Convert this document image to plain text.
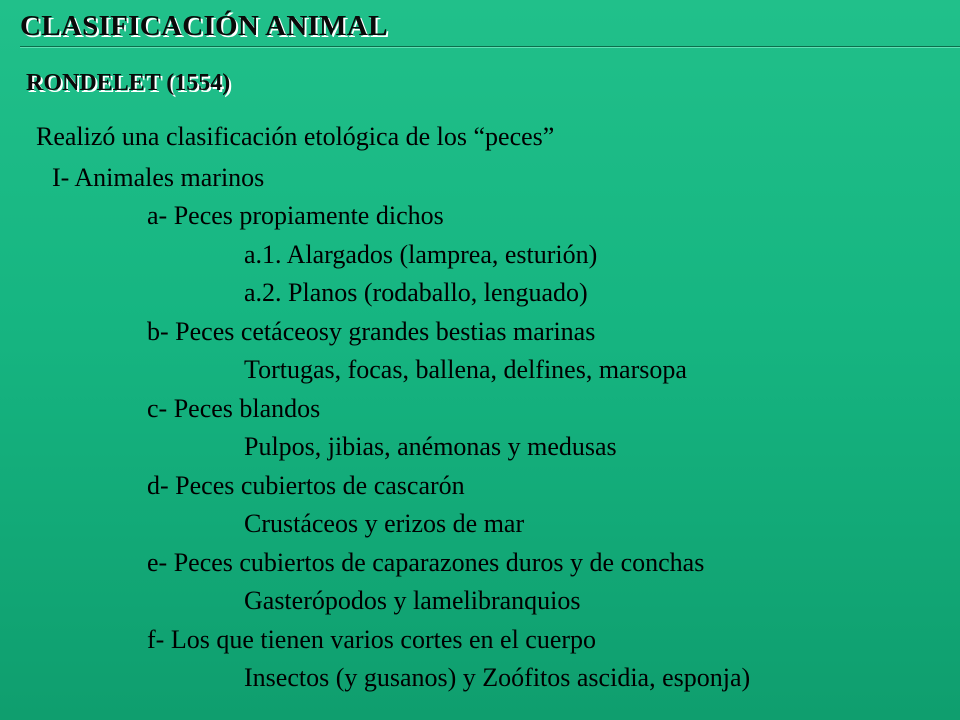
CLASIFICACIÓN ANIMAL
RONDELET (1554)
Realizó una clasificación etológica de los “peces”
I- Animales marinos
a- Peces propiamente dichos
a.1. Alargados (lamprea, esturión)
a.2. Planos (rodaballo, lenguado)
b- Peces cetáceosy grandes bestias marinas
Tortugas, focas, ballena, delfines, marsopa
c- Peces blandos
Pulpos, jibias, anémonas y medusas
d- Peces cubiertos de cascarón
Crustáceos y erizos de mar
e- Peces cubiertos de caparazones duros y de conchas
Gasterópodos y lamelibranquios
f- Los que tienen varios cortes en el cuerpo
Insectos (y gusanos) y Zoófitos ascidia, esponja)
